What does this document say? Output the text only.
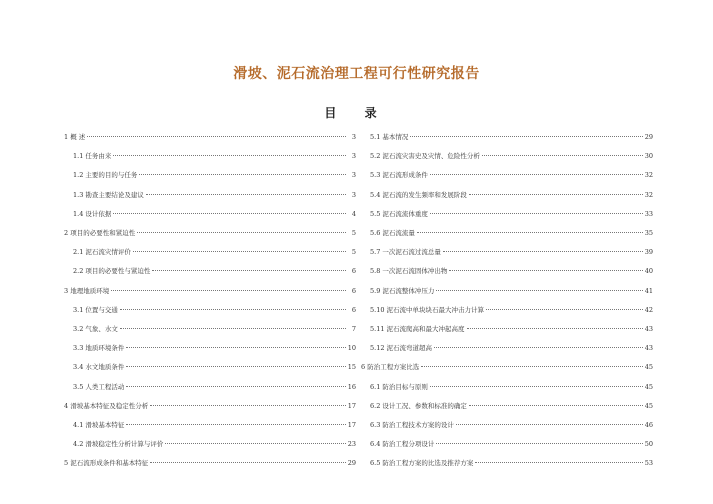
滑坡、泥石流治理工程可行性研究报告
目 录
1 概 述	3
1.1 任务由来	3
1.2 主要的目的与任务	3
1.3 勘查主要结论及建议	3
1.4 设计依据	4
2 项目的必要性和紧迫性	5
2.1 泥石流灾情评价	5
2.2 项目的必要性与紧迫性	6
3 地理地质环境	6
3.1 位置与交通	6
3.2 气象、水文	7
3.3 地质环境条件	10
3.4 水文地质条件	15
3.5 人类工程活动	16
4 滑坡基本特征及稳定性分析	17
4.1 滑坡基本特征	17
4.2 滑坡稳定性分析计算与评价	23
5 泥石流形成条件和基本特征	29
5.1 基本情况	29
5.2 泥石流灾害史及灾情、危险性分析	30
5.3 泥石流形成条件	32
5.4 泥石流的发生频率和发展阶段	32
5.5 泥石流流体重度	33
5.6 泥石流流量	35
5.7 一次泥石流过流总量	39
5.8 一次泥石流固体冲出物	40
5.9 泥石流整体冲压力	41
5.10 泥石流中单块块石最大冲击力计算	42
5.11 泥石流爬高和最大冲起高度	43
5.12 泥石流弯道超高	43
6 防治工程方案比选	45
6.1 防治目标与原则	45
6.2 设计工况、参数和标准的确定	45
6.3 防治工程技术方案的设计	46
6.4 防治工程分项设计	50
6.5 防治工程方案的比选及推荐方案	53
